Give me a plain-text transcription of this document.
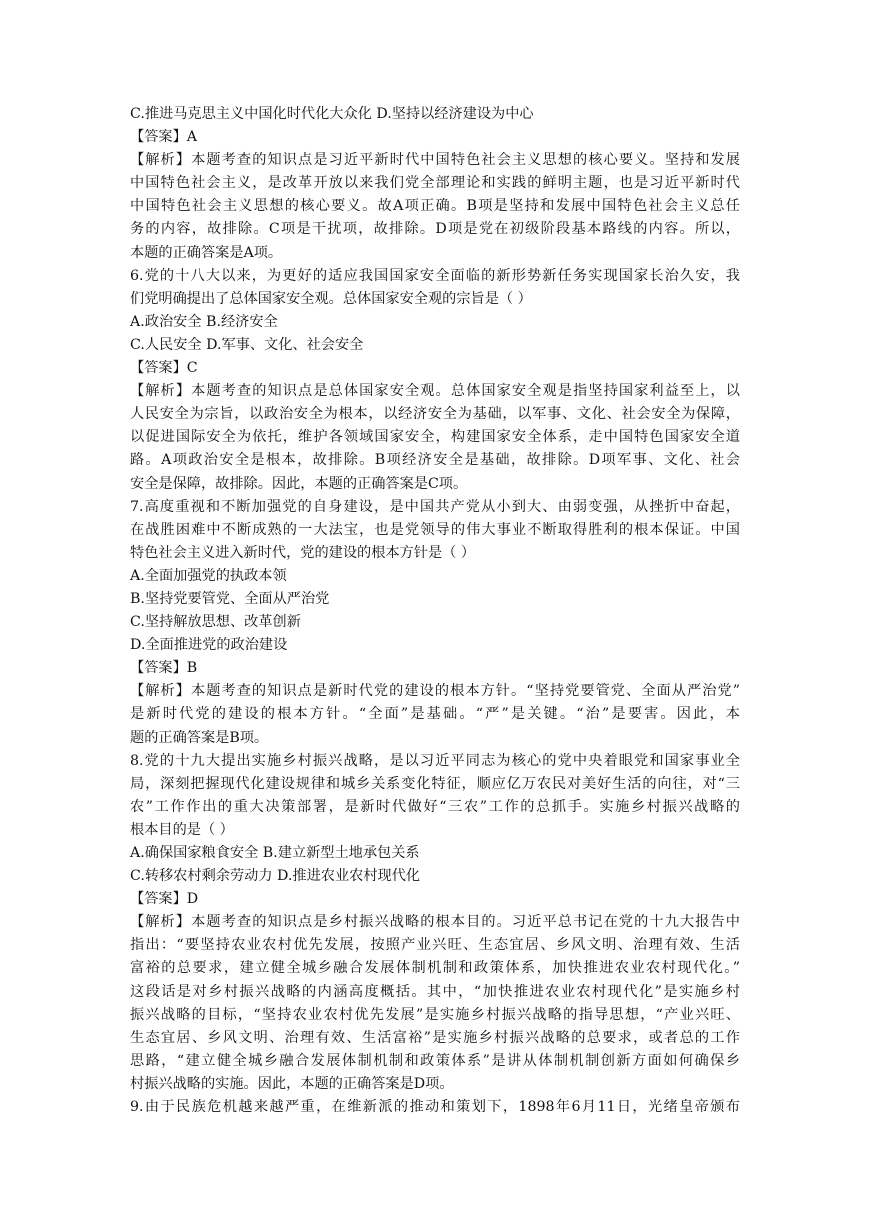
C.推进马克思主义中国化时代化大众化 D.坚持以经济建设为中心
【答案】A
【解析】本题考查的知识点是习近平新时代中国特色社会主义思想的核心要义。坚持和发展
中国特色社会主义，是改革开放以来我们党全部理论和实践的鲜明主题，也是习近平新时代
中国特色社会主义思想的核心要义。故A项正确。B项是坚持和发展中国特色社会主义总任
务的内容，故排除。C项是干扰项，故排除。D项是党在初级阶段基本路线的内容。所以，
本题的正确答案是A项。
6.党的十八大以来，为更好的适应我国国家安全面临的新形势新任务实现国家长治久安，我
们党明确提出了总体国家安全观。总体国家安全观的宗旨是（ ）
A.政治安全 B.经济安全
C.人民安全 D.军事、文化、社会安全
【答案】C
【解析】本题考查的知识点是总体国家安全观。总体国家安全观是指坚持国家利益至上，以
人民安全为宗旨，以政治安全为根本，以经济安全为基础，以军事、文化、社会安全为保障，
以促进国际安全为依托，维护各领域国家安全，构建国家安全体系，走中国特色国家安全道
路。A项政治安全是根本，故排除。B项经济安全是基础，故排除。D项军事、文化、社会
安全是保障，故排除。因此，本题的正确答案是C项。
7.高度重视和不断加强党的自身建设，是中国共产党从小到大、由弱变强，从挫折中奋起，
在战胜困难中不断成熟的一大法宝，也是党领导的伟大事业不断取得胜利的根本保证。中国
特色社会主义进入新时代，党的建设的根本方针是（ ）
A.全面加强党的执政本领
B.坚持党要管党、全面从严治党
C.坚持解放思想、改革创新
D.全面推进党的政治建设
【答案】B
【解析】本题考查的知识点是新时代党的建设的根本方针。“坚持党要管党、全面从严治党”
是新时代党的建设的根本方针。“全面”是基础。“严”是关键。“治”是要害。因此，本
题的正确答案是B项。
8.党的十九大提出实施乡村振兴战略，是以习近平同志为核心的党中央着眼党和国家事业全
局，深刻把握现代化建设规律和城乡关系变化特征，顺应亿万农民对美好生活的向往，对“三
农”工作作出的重大决策部署，是新时代做好“三农”工作的总抓手。实施乡村振兴战略的
根本目的是（ ）
A.确保国家粮食安全 B.建立新型土地承包关系
C.转移农村剩余劳动力 D.推进农业农村现代化
【答案】D
【解析】本题考查的知识点是乡村振兴战略的根本目的。习近平总书记在党的十九大报告中
指出：“要坚持农业农村优先发展，按照产业兴旺、生态宜居、乡风文明、治理有效、生活
富裕的总要求，建立健全城乡融合发展体制机制和政策体系，加快推进农业农村现代化。”
这段话是对乡村振兴战略的内涵高度概括。其中，“加快推进农业农村现代化”是实施乡村
振兴战略的目标，“坚持农业农村优先发展”是实施乡村振兴战略的指导思想，“产业兴旺、
生态宜居、乡风文明、治理有效、生活富裕”是实施乡村振兴战略的总要求，或者总的工作
思路，“建立健全城乡融合发展体制机制和政策体系”是讲从体制机制创新方面如何确保乡
村振兴战略的实施。因此，本题的正确答案是D项。
9.由于民族危机越来越严重，在维新派的推动和策划下，1898年6月11日，光绪皇帝颁布
